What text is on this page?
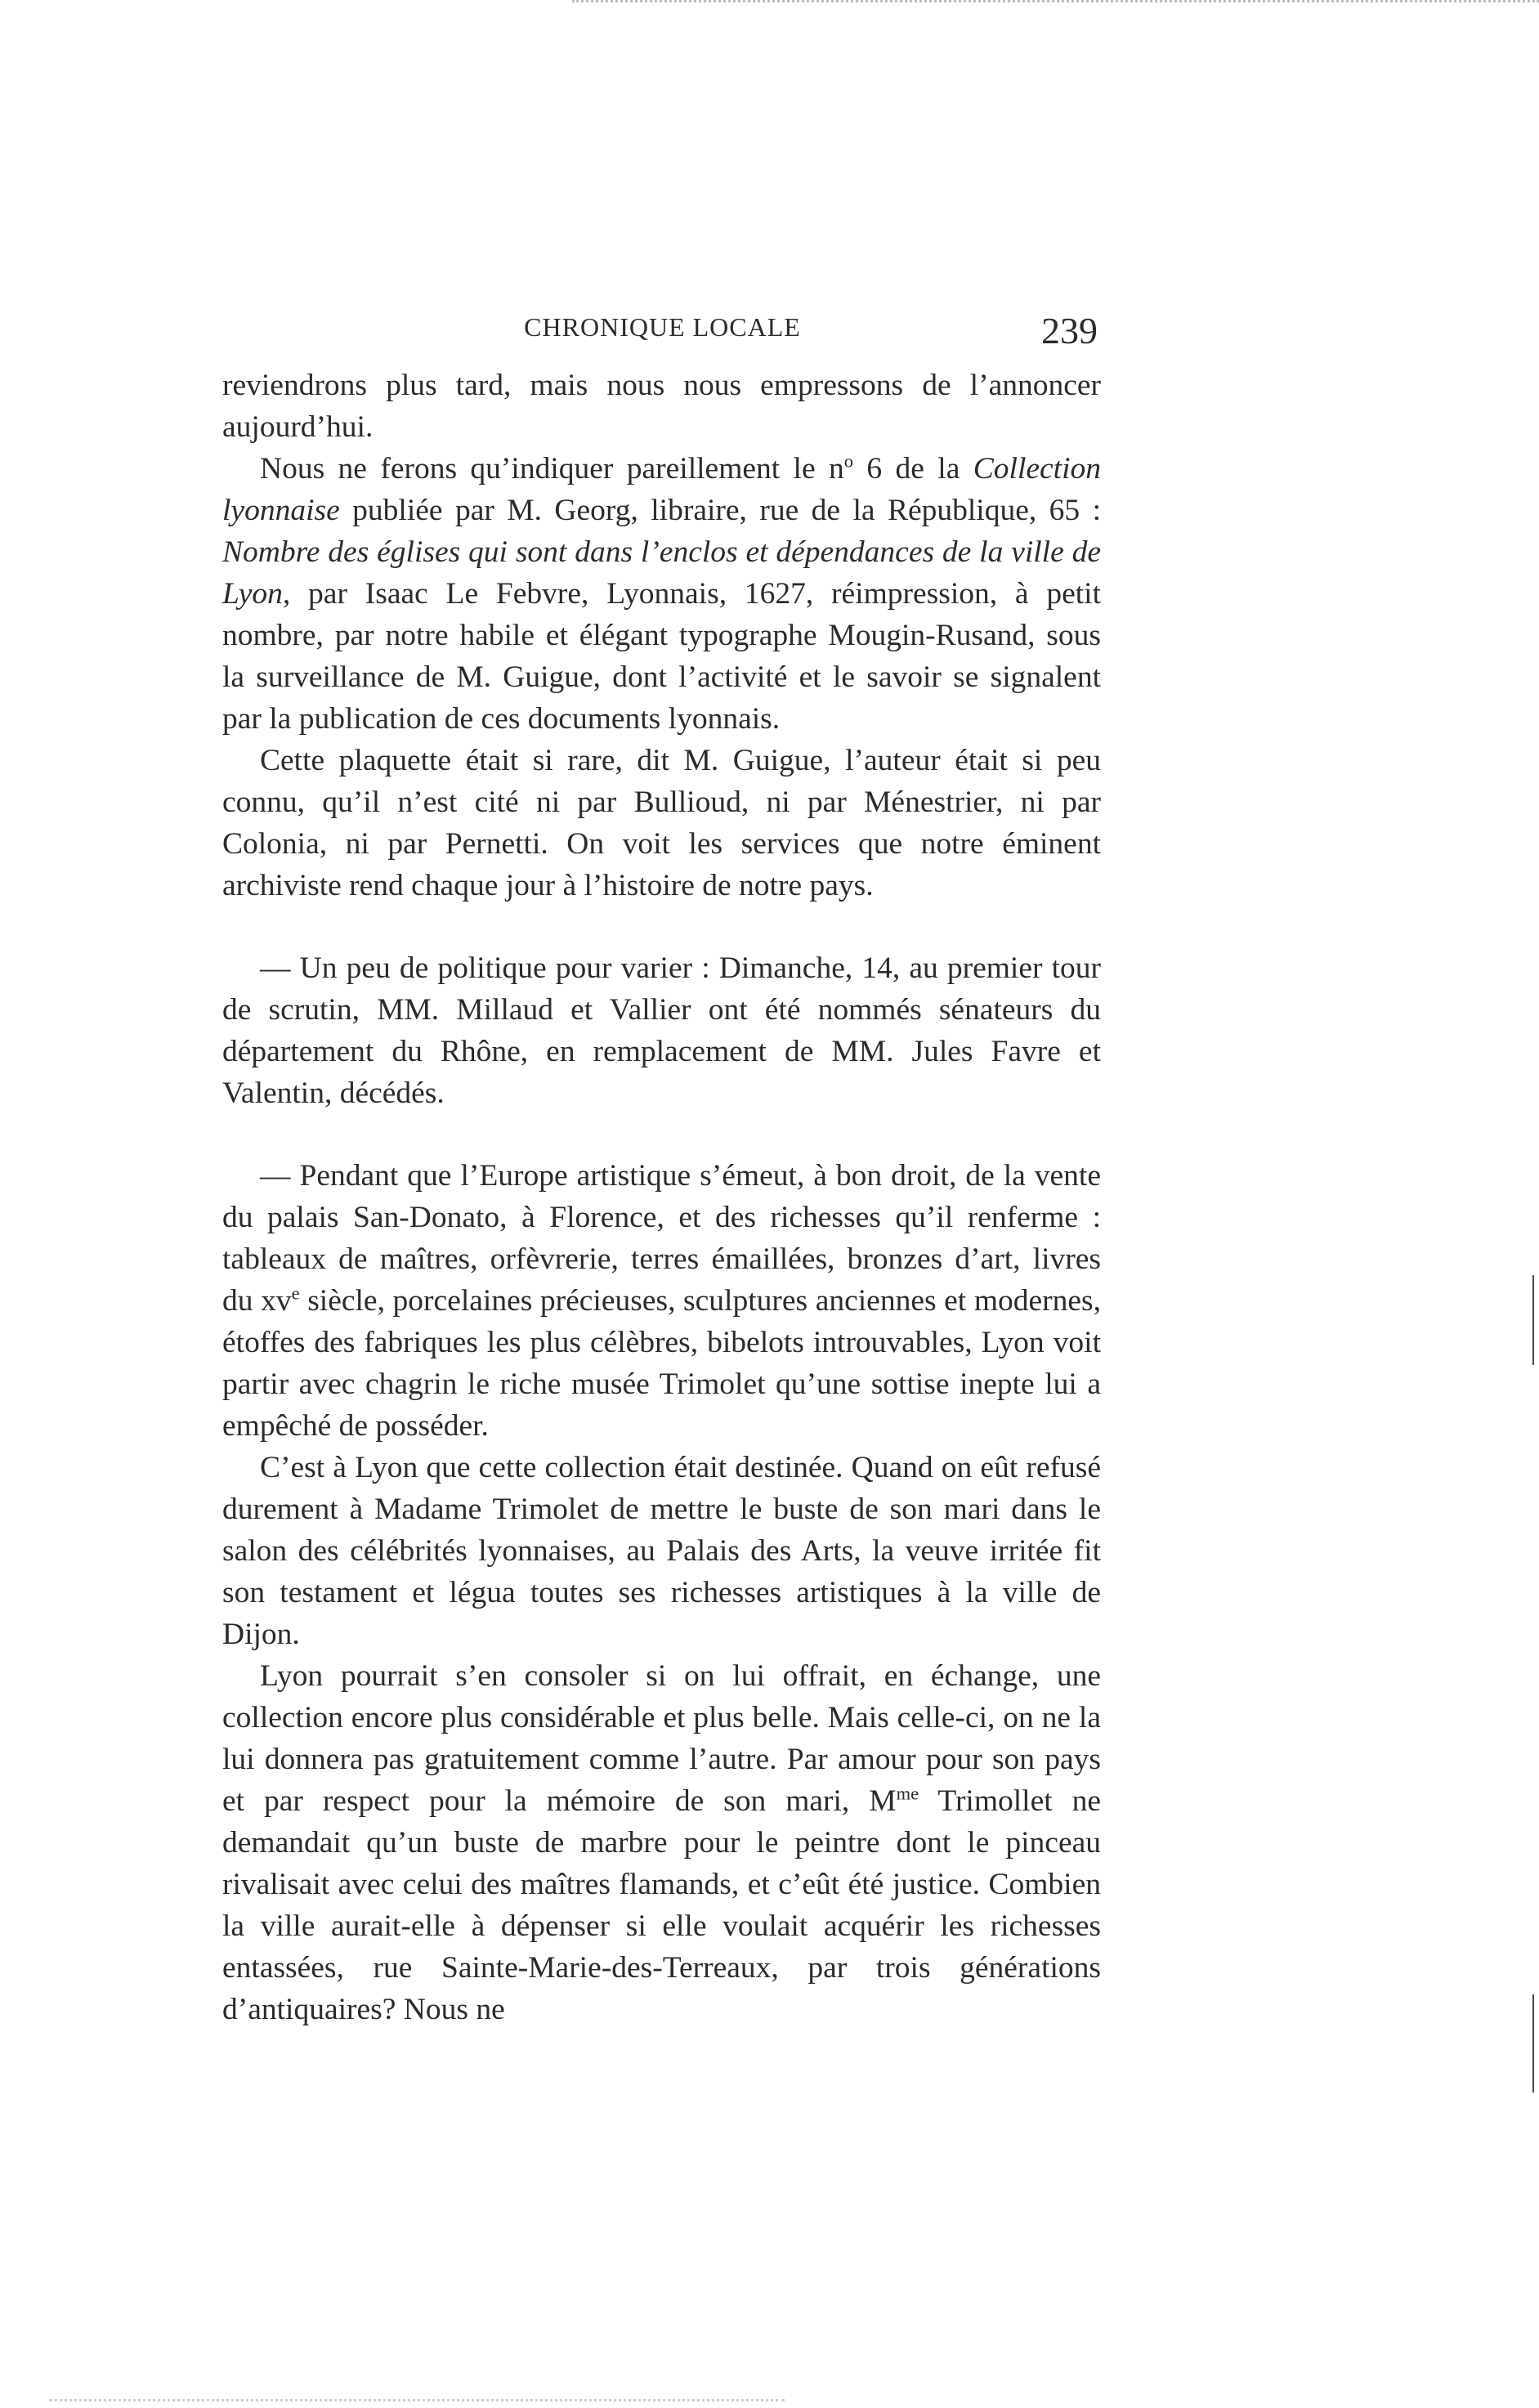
CHRONIQUE LOCALE	239

reviendrons plus tard, mais nous nous empressons de l’annoncer aujourd’hui.

Nous ne ferons qu’indiquer pareillement le $n^o$ 6 de la Collection lyonnaise publiée par M. Georg, libraire, rue de la République, 65 : Nombre des églises qui sont dans l’enclos et dépendances de la ville de Lyon, par Isaac Le Febvre, Lyonnais, 1627, réimpression, à petit nombre, par notre habile et élégant typographe Mougin-Rusand, sous la surveillance de M. Guigue, dont l’activité et le savoir se signalent par la publication de ces documents lyonnais.

Cette plaquette était si rare, dit M. Guigue, l’auteur était si peu connu, qu’il n’est cité ni par Bullioud, ni par Ménestrier, ni par Colonia, ni par Pernetti. On voit les services que notre éminent archiviste rend chaque jour à l’histoire de notre pays.

— Un peu de politique pour varier : Dimanche, 14, au premier tour de scrutin, MM. Millaud et Vallier ont été nommés sénateurs du département du Rhône, en remplacement de MM. Jules Favre et Valentin, décédés.

— Pendant que l’Europe artistique s’émeut, à bon droit, de la vente du palais San-Donato, à Florence, et des richesses qu’il renferme : tableaux de maîtres, orfèvrerie, terres émaillées, bronzes d’art, livres du $xv^e$ siècle, porcelaines précieuses, sculptures anciennes et modernes, étoffes des fabriques les plus célèbres, bibelots introuvables, Lyon voit partir avec chagrin le riche musée Trimolet qu’une sottise inepte lui a empêché de posséder.

C’est à Lyon que cette collection était destinée. Quand on eût refusé durement à Madame Trimolet de mettre le buste de son mari dans le salon des célébrités lyonnaises, au Palais des Arts, la veuve irritée fit son testament et légua toutes ses richesses artistiques à la ville de Dijon.

Lyon pourrait s’en consoler si on lui offrait, en échange, une collection encore plus considérable et plus belle. Mais celle-ci, on ne la lui donnera pas gratuitement comme l’autre. Par amour pour son pays et par respect pour la mémoire de son mari, $M^{me}$ Trimollet ne demandait qu’un buste de marbre pour le peintre dont le pinceau rivalisait avec celui des maîtres flamands, et c’eût été justice. Combien la ville aurait-elle à dépenser si elle voulait acquérir les richesses entassées, rue Sainte-Marie-des-Terreaux, par trois générations d’antiquaires? Nous ne
